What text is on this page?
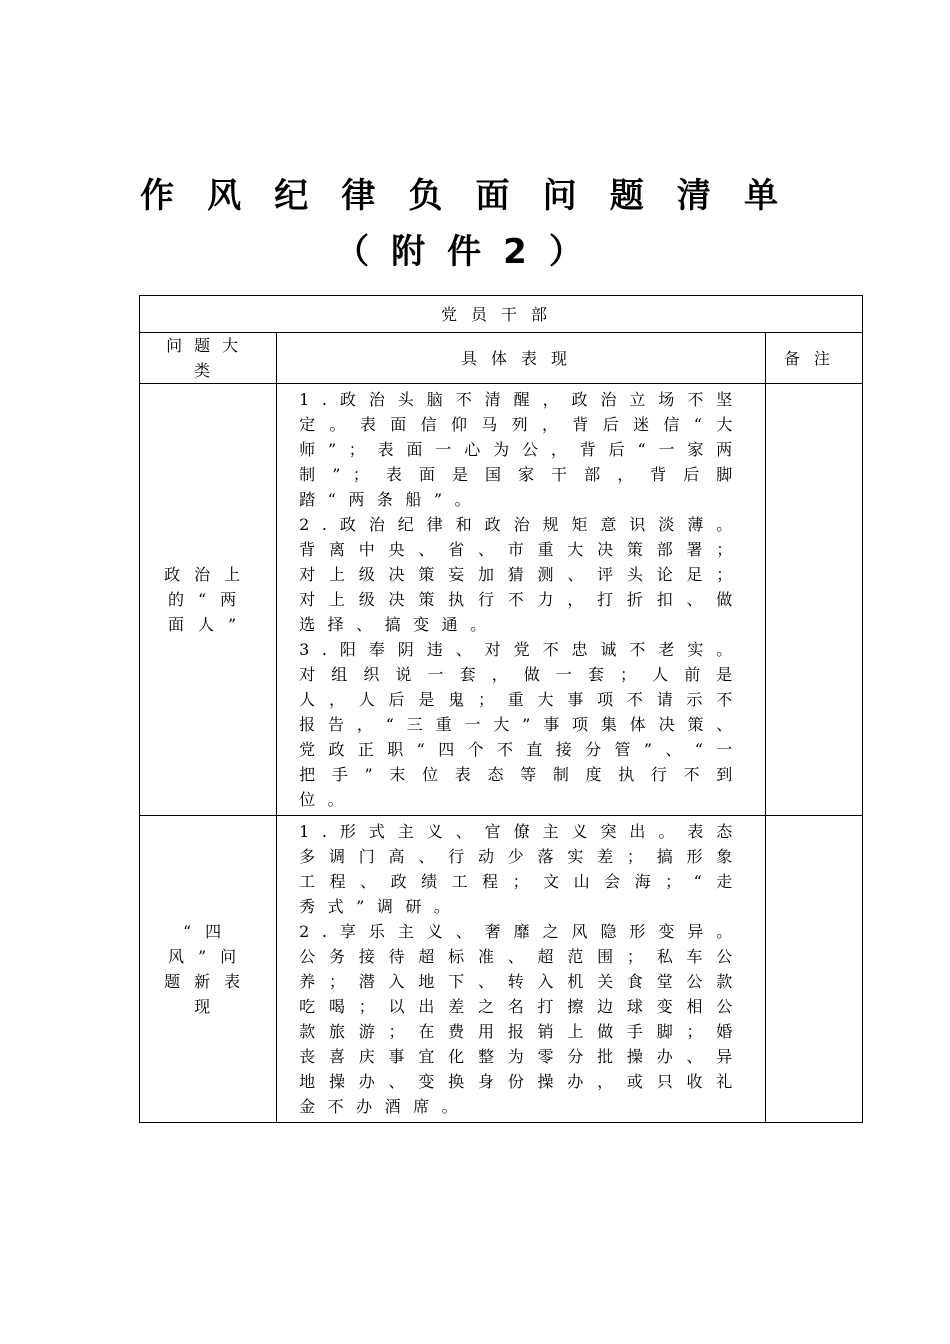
作风纪律负面问题清单（附件2）
党员干部		
问题大类	具体表现	备注
政治上的“两面人”	1.政治头脑不清醒，政治立场不坚定。表面信仰马列，背后迷信“大师”；表面一心为公，背后“一家两制”；表面是国家干部，背后脚踏“两条船”。
2.政治纪律和政治规矩意识淡薄。背离中央、省、市重大决策部署；对上级决策妄加猜测、评头论足；对上级决策执行不力，打折扣、做选择、搞变通。
3.阳奉阴违、对党不忠诚不老实。对组织说一套，做一套；人前是人，人后是鬼；重大事项不请示不报告，“三重一大”事项集体决策、党政正职“四个不直接分管”、“一把手”末位表态等制度执行不到位。	

“四风”问题新表现	1.形式主义、官僚主义突出。表态多调门高、行动少落实差；搞形象工程、政绩工程；文山会海；“走秀式”调研。
2.享乐主义、奢靡之风隐形变异。公务接待超标准、超范围；私车公养；潜入地下、转入机关食堂公款吃喝；以出差之名打擦边球变相公款旅游；在费用报销上做手脚；婚丧喜庆事宜化整为零分批操办、异地操办、变换身份操办，或只收礼金不办酒席。	
